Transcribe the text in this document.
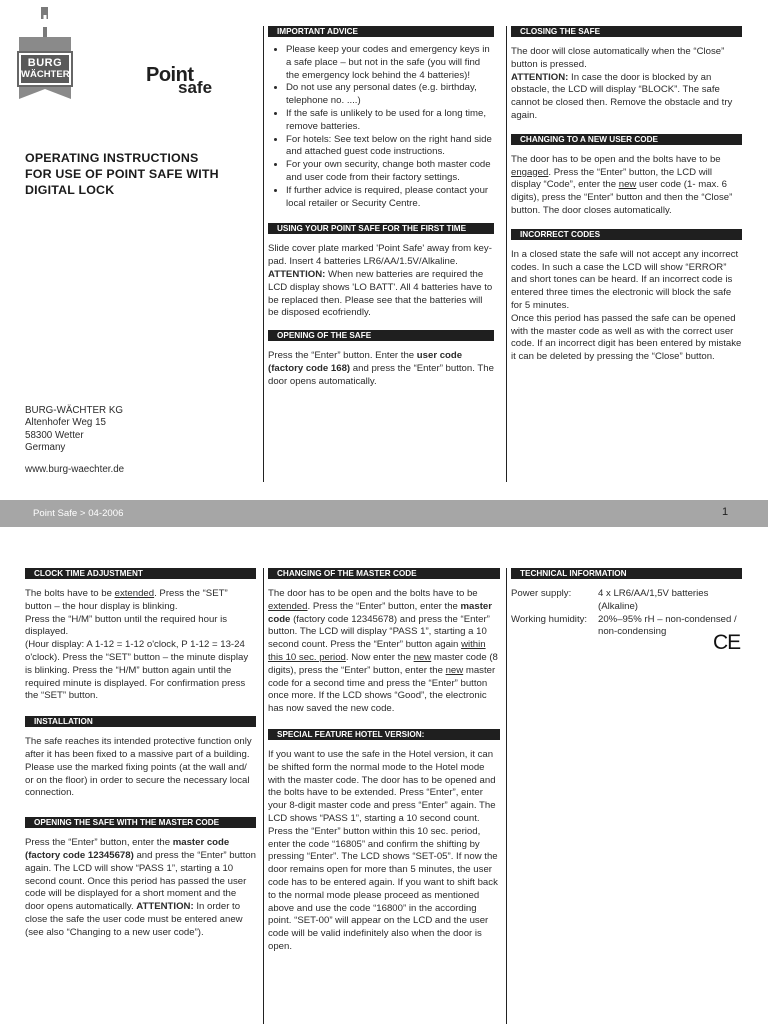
BURG
WÄCHTER	Point
safe
OPERATING INSTRUCTIONS
FOR USE OF POINT SAFE WITH
DIGITAL LOCK
BURG-WÄCHTER KG
Altenhofer Weg 15
58300 Wetter
Germany
www.burg-waechter.de
IMPORTANT ADVICE
• Please keep your codes and emergency keys in a safe place – but not in the safe (you will find the emergency lock behind the 4 batteries)!
• Do not use any personal dates (e.g. birthday, telephone no. ....)
• If the safe is unlikely to be used for a long time, remove batteries.
• For hotels: See text below on the right hand side and attached guest code instructions.
• For your own security, change both master code and user code from their factory settings.
• If further advice is required, please contact your local retailer or Security Centre.
USING YOUR POINT SAFE FOR THE FIRST TIME

Slide cover plate marked 'Point Safe' away from key-pad. Insert 4 batteries LR6/AA/1.5V/Alkaline. ATTENTION: When new batteries are required the LCD display shows 'LO BATT'. All 4 batteries have to be replaced then. Please see that the batteries will be disposed ecofriendly.

OPENING OF THE SAFE

Press the “Enter” button. Enter the user code (factory code 168) and press the “Enter” button. The door opens automatically.

CLOSING THE SAFE

The door will close automatically when the “Close” button is pressed.
ATTENTION: In case the door is blocked by an obstacle, the LCD will display “BLOCK”. The safe cannot be closed then. Remove the obstacle and try again.

CHANGING TO A NEW USER CODE

The door has to be open and the bolts have to be engaged. Press the “Enter” button, the LCD will display “Code”, enter the new user code (1- max. 6 digits), press the “Enter” button and then the “Close” button. The door closes automatically.

INCORRECT CODES

In a closed state the safe will not accept any incorrect codes. In such a case the LCD will show “ERROR” and short tones can be heard. If an incorrect code is entered three times the electronic will block the safe for 5 minutes.

Once this period has passed the safe can be opened with the master code as well as with the correct user code. If an incorrect digit has been entered by mistake it can be deleted by pressing the “Close” button.

Point Safe > 04-2006	1
CLOCK TIME ADJUSTMENT

The bolts have to be extended. Press the “SET” button – the hour display is blinking.

Press the “H/M” button until the required hour is displayed.

(Hour display: A 1-12 = 1-12 o'clock, P 1-12 = 13-24 o'clock). Press the “SET” button – the minute display is blinking. Press the “H/M” button again until the required minute is displayed. For confirmation press the “SET” button.

INSTALLATION

The safe reaches its intended protective function only after it has been fixed to a massive part of a building. Please use the marked fixing points (at the wall and/ or on the floor) in order to secure the necessary local connection.

OPENING THE SAFE WITH THE MASTER CODE

Press the “Enter” button, enter the master code (factory code 12345678) and press the “Enter” button again. The LCD will show “PASS 1”, starting a 10 second count. Once this period has passed the user code will be displayed for a short moment and the door opens automatically. ATTENTION: In order to close the safe the user code must be entered anew (see also “Changing to a new user code”).

CHANGING OF THE MASTER CODE

The door has to be open and the bolts have to be extended. Press the “Enter” button, enter the master code (factory code 12345678) and press the “Enter” button. The LCD will display “PASS 1”, starting a 10 second count. Press the “Enter” button again within this 10 sec. period. Now enter the new master code (8 digits), press the “Enter” button, enter the new master code for a second time and press the “Enter” button once more. If the LCD shows “Good”, the electronic has now saved the new code.

SPECIAL FEATURE HOTEL VERSION:

If you want to use the safe in the Hotel version, it can be shifted form the normal mode to the Hotel mode with the master code. The door has to be opened and the bolts have to be extended. Press “Enter”, enter your 8-digit master code and press “Enter” again. The LCD shows “PASS 1”, starting a 10 second count. Press the “Enter” button within this 10 sec. period, enter the code “16805” and confirm the shifting by pressing “Enter”. The LCD shows “SET-05”. If now the door remains open for more than 5 minutes, the user code has to be entered again. If you want to shift back to the normal mode please proceed as mentioned above and use the code “16800” in the according point. “SET-00” will appear on the LCD and the user code will be valid indefinitely also when the door is open.

TECHNICAL INFORMATION
Power supply:	4 x LR6/AA/1,5V batteries (Alkaline)
Working humidity:	20%–95% rH – non-condensed / non-condensing	CE
